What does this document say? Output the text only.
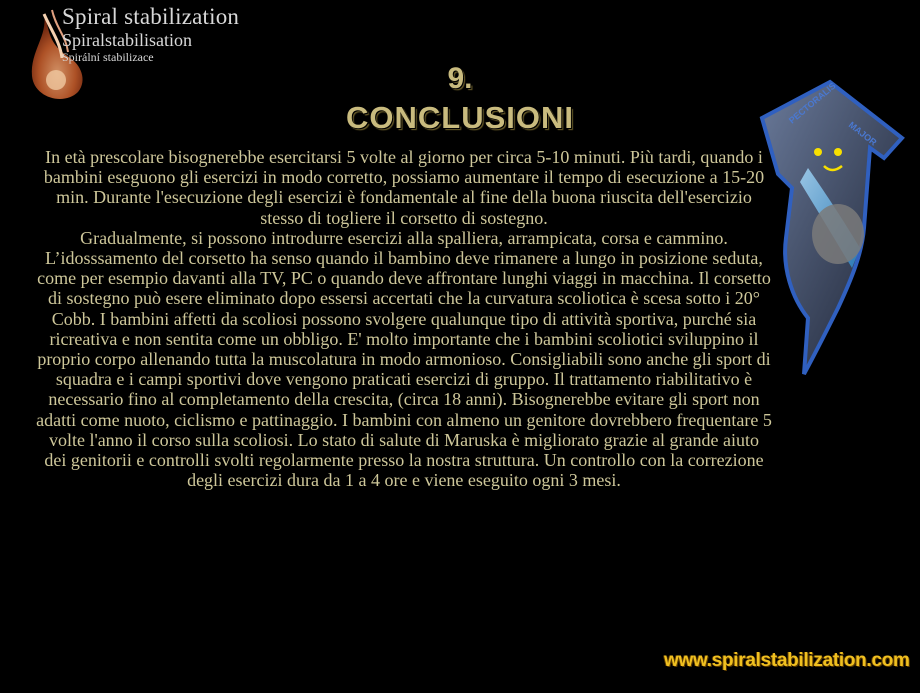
Spiral stabilization
Spiralstabilisation
Spirální stabilizace
9.
CONCLUSIONI

In età prescolare bisognerebbe esercitarsi 5 volte al giorno per circa 5-10 minuti. Più tardi, quando i bambini eseguono gli esercizi in modo corretto, possiamo aumentare il tempo di esecuzione a 15-20 min. Durante l'esecuzione degli esercizi è fondamentale al fine della buona riuscita dell'esercizio stesso di togliere il corsetto di sostegno.

Gradualmente, si possono introdurre esercizi alla spalliera, arrampicata, corsa e cammino. L’idosssamento del corsetto ha senso quando il bambino deve rimanere a lungo in posizione seduta, come per esempio davanti alla TV, PC o quando deve affrontare lunghi viaggi in macchina. Il corsetto di sostegno può esere eliminato dopo essersi accertati che la curvatura scoliotica è scesa sotto i 20° Cobb. I bambini affetti da scoliosi possono svolgere qualunque tipo di attività sportiva, purché sia ricreativa e non sentita come un obbligo. E' molto importante che i bambini scoliotici sviluppino il proprio corpo allenando tutta la muscolatura in modo armonioso. Consigliabili sono anche gli sport di squadra e i campi sportivi dove vengono praticati esercizi di gruppo. Il trattamento riabilitativo è necessario fino al completamento della crescita, (circa 18 anni). Bisognerebbe evitare gli sport non adatti come nuoto, ciclismo e pattinaggio. I bambini con almeno un genitore dovrebbero frequentare 5 volte l'anno il corso sulla scoliosi. Lo stato di salute di Maruska è migliorato grazie al grande aiuto dei genitorii e controlli svolti regolarmente presso la nostra struttura. Un controllo con la correzione degli esercizi dura da 1 a 4 ore e viene eseguito ogni 3 mesi.

PECTORALIS
MAJOR
www.spiralstabilization.com
